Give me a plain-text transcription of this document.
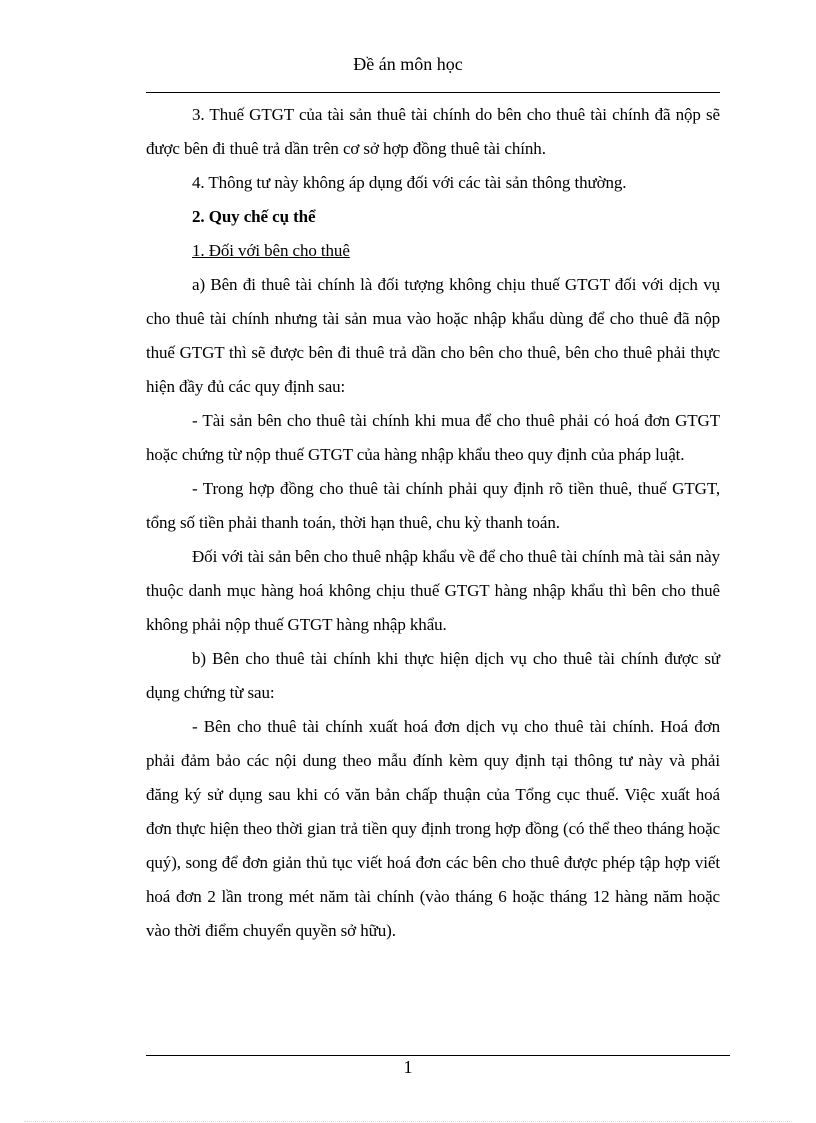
Đề án môn học

3. Thuế GTGT của tài sản thuê tài chính do bên cho thuê tài chính đã nộp sẽ được bên đi thuê trả dần trên cơ sở hợp đồng thuê tài chính.

4. Thông tư này không áp dụng đối với các tài sản thông thường.

2. Quy chế cụ thể

1. Đối với bên cho thuê

a) Bên đi thuê tài chính là đối tượng không chịu thuế GTGT đối với dịch vụ cho thuê tài chính nhưng tài sản mua vào hoặc nhập khẩu dùng để cho thuê đã nộp thuế GTGT thì sẽ được bên đi thuê trả dần cho bên cho thuê, bên cho thuê phải thực hiện đầy đủ các quy định sau:

- Tài sản bên cho thuê tài chính khi mua để cho thuê phải có hoá đơn GTGT hoặc chứng từ nộp thuế GTGT của hàng nhập khẩu theo quy định của pháp luật.

- Trong hợp đồng cho thuê tài chính phải quy định rõ tiền thuê, thuế GTGT, tổng số tiền phải thanh toán, thời hạn thuê, chu kỳ thanh toán.

Đối với tài sản bên cho thuê nhập khẩu về để cho thuê tài chính mà tài sản này thuộc danh mục hàng hoá không chịu thuế GTGT hàng nhập khẩu thì bên cho thuê không phải nộp thuế GTGT hàng nhập khẩu.

b) Bên cho thuê tài chính khi thực hiện dịch vụ cho thuê tài chính được sử dụng chứng từ sau:

- Bên cho thuê tài chính xuất hoá đơn dịch vụ cho thuê tài chính. Hoá đơn phải đảm bảo các nội dung theo mẫu đính kèm quy định tại thông tư này và phải đăng ký sử dụng sau khi có văn bản chấp thuận của Tổng cục thuế. Việc xuất hoá đơn thực hiện theo thời gian trả tiền quy định trong hợp đồng (có thể theo tháng hoặc quý), song để đơn giản thủ tục viết hoá đơn các bên cho thuê được phép tập hợp viết hoá đơn 2 lần trong mét năm tài chính (vào tháng 6 hoặc tháng 12 hàng năm hoặc vào thời điểm chuyển quyền sở hữu).

1
